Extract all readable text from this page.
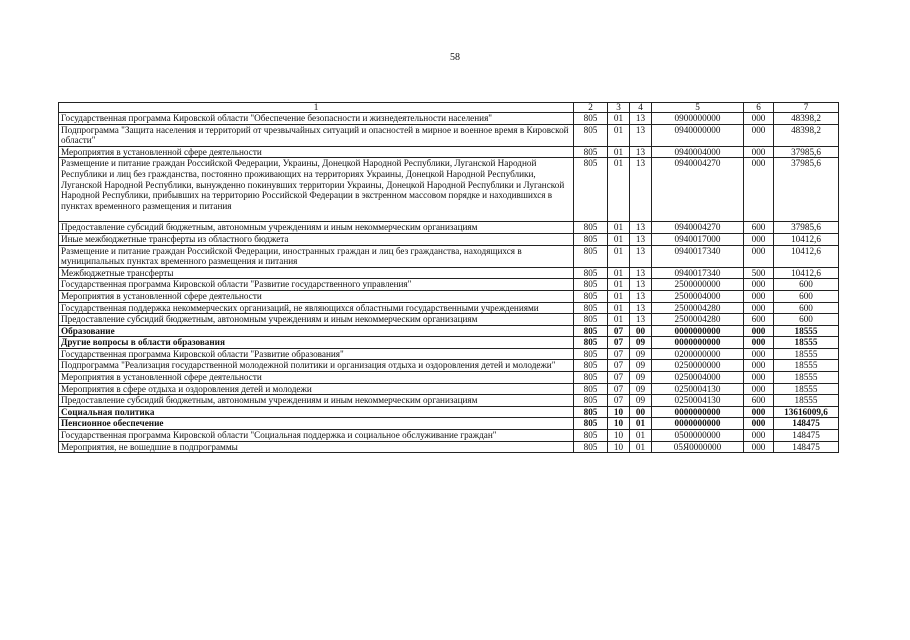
58
1	2	3	4	5	6	7
Государственная программа Кировской области "Обеспечение безопасности и жизнедеятельности населения"	805	01	13	0900000000	000	48398,2
Подпрограмма "Защита населения и территорий от чрезвычайных ситуаций и опасностей в мирное и военное время в Кировской области"	805	01	13	0940000000	000	48398,2
Мероприятия в установленной сфере деятельности	805	01	13	0940004000	000	37985,6
Размещение и питание граждан Российской Федерации, Украины, Донецкой Народной Республики, Луганской Народной Республики и лиц без гражданства, постоянно проживающих на территориях Украины, Донецкой Народной Республики, Луганской Народной Республики, вынужденно покинувших территории Украины, Донецкой Народной Республики и Луганской Народной Республики, прибывших на территорию Российской Федерации в экстренном массовом порядке и находившихся в пунктах временного размещения и питания	805	01	13	0940004270	000	37985,6
Предоставление субсидий бюджетным, автономным учреждениям и иным некоммерческим организациям	805	01	13	0940004270	600	37985,6
Иные межбюджетные трансферты из областного бюджета	805	01	13	0940017000	000	10412,6
Размещение и питание граждан Российской Федерации, иностранных граждан и лиц без гражданства, находящихся в муниципальных пунктах временного размещения и питания	805	01	13	0940017340	000	10412,6
Межбюджетные трансферты	805	01	13	0940017340	500	10412,6
Государственная программа Кировской области "Развитие государственного управления"	805	01	13	2500000000	000	600
Мероприятия в установленной сфере деятельности	805	01	13	2500004000	000	600
Государственная поддержка некоммерческих организаций, не являющихся областными государственными учреждениями	805	01	13	2500004280	000	600
Предоставление субсидий бюджетным, автономным учреждениям и иным некоммерческим организациям	805	01	13	2500004280	600	600
Образование	805	07	00	0000000000	000	18555
Другие вопросы в области образования	805	07	09	0000000000	000	18555
Государственная программа Кировской области "Развитие образования"	805	07	09	0200000000	000	18555
Подпрограмма "Реализация государственной молодежной политики и организация отдыха и оздоровления детей и молодежи"	805	07	09	0250000000	000	18555
Мероприятия в установленной сфере деятельности	805	07	09	0250004000	000	18555
Мероприятия в сфере отдыха и оздоровления детей и молодежи	805	07	09	0250004130	000	18555
Предоставление субсидий бюджетным, автономным учреждениям и иным некоммерческим организациям	805	07	09	0250004130	600	18555
Социальная политика	805	10	00	0000000000	000	13616009,6
Пенсионное обеспечение	805	10	01	0000000000	000	148475
Государственная программа Кировской области "Социальная поддержка и социальное обслуживание граждан"	805	10	01	0500000000	000	148475
Мероприятия, не вошедшие в подпрограммы	805	10	01	05Я0000000	000	148475
